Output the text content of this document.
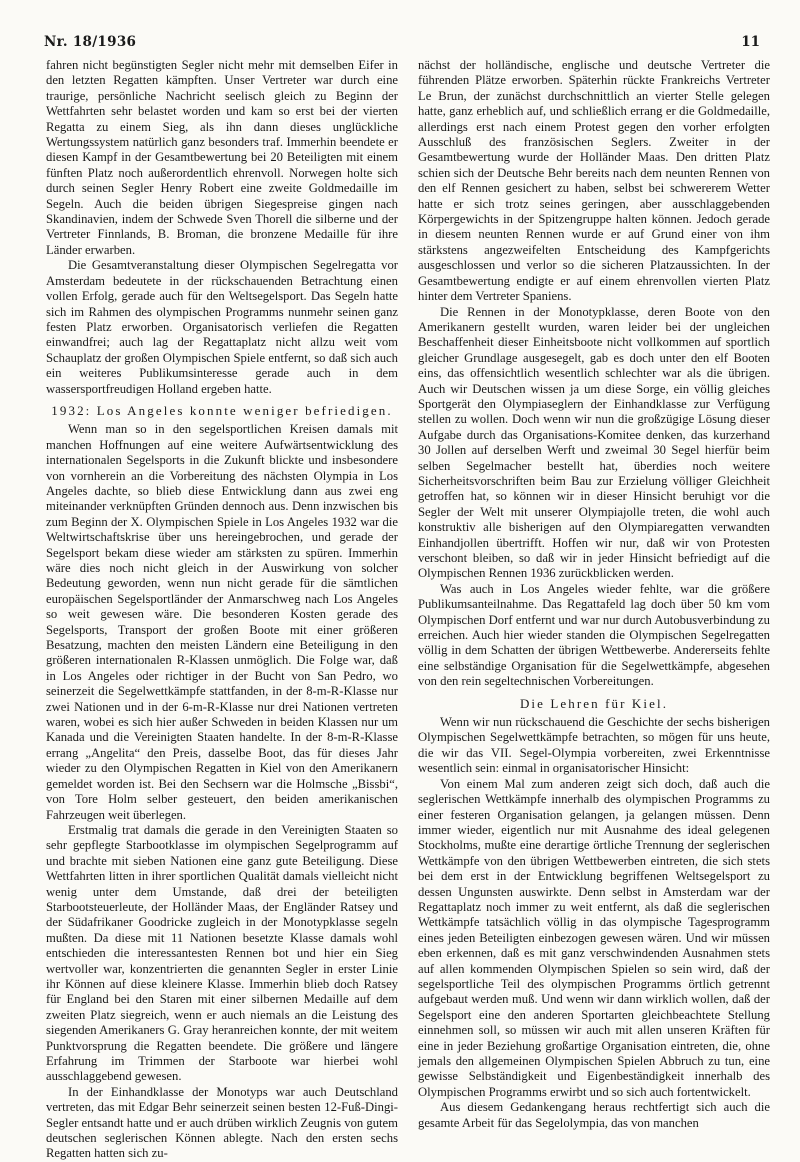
Nr. 18/1936	11

fahren nicht begünstigten Segler nicht mehr mit demselben Eifer in den letzten Regatten kämpften. Unser Vertreter war durch eine traurige, persönliche Nachricht seelisch gleich zu Beginn der Wettfahrten sehr belastet worden und kam so erst bei der vierten Regatta zu einem Sieg, als ihn dann dieses unglückliche Wertungssystem natürlich ganz besonders traf. Immerhin beendete er diesen Kampf in der Gesamtbewertung bei 20 Beteiligten mit einem fünften Platz noch außerordentlich ehrenvoll. Norwegen holte sich durch seinen Segler Henry Robert eine zweite Goldmedaille im Segeln. Auch die beiden übrigen Siegespreise gingen nach Skandinavien, indem der Schwede Sven Thorell die silberne und der Vertreter Finnlands, B. Broman, die bronzene Medaille für ihre Länder erwarben.

Die Gesamtveranstaltung dieser Olympischen Segelregatta vor Amsterdam bedeutete in der rückschauenden Betrachtung einen vollen Erfolg, gerade auch für den Weltsegelsport. Das Segeln hatte sich im Rahmen des olympischen Programms nunmehr seinen ganz festen Platz erworben. Organisatorisch verliefen die Regatten einwandfrei; auch lag der Regattaplatz nicht allzu weit vom Schauplatz der großen Olympischen Spiele entfernt, so daß sich auch ein weiteres Publikumsinteresse gerade auch in dem wassersportfreudigen Holland ergeben hatte.

1932: Los Angeles konnte weniger befriedigen.

Wenn man so in den segelsportlichen Kreisen damals mit manchen Hoffnungen auf eine weitere Aufwärtsentwicklung des internationalen Segelsports in die Zukunft blickte und insbesondere von vornherein an die Vorbereitung des nächsten Olympia in Los Angeles dachte, so blieb diese Entwicklung dann aus zwei eng miteinander verknüpften Gründen dennoch aus. Denn inzwischen bis zum Beginn der X. Olympischen Spiele in Los Angeles 1932 war die Weltwirtschaftskrise über uns hereingebrochen, und gerade der Segelsport bekam diese wieder am stärksten zu spüren. Immerhin wäre dies noch nicht gleich in der Auswirkung von solcher Bedeutung geworden, wenn nun nicht gerade für die sämtlichen europäischen Segelsportländer der Anmarschweg nach Los Angeles so weit gewesen wäre. Die besonderen Kosten gerade des Segelsports, Transport der großen Boote mit einer größeren Besatzung, machten den meisten Ländern eine Beteiligung in den größeren internationalen R-Klassen unmöglich. Die Folge war, daß in Los Angeles oder richtiger in der Bucht von San Pedro, wo seinerzeit die Segelwettkämpfe stattfanden, in der 8-m-R-Klasse nur zwei Nationen und in der 6-m-R-Klasse nur drei Nationen vertreten waren, wobei es sich hier außer Schweden in beiden Klassen nur um Kanada und die Vereinigten Staaten handelte. In der 8-m-R-Klasse errang „Angelita“ den Preis, dasselbe Boot, das für dieses Jahr wieder zu den Olympischen Regatten in Kiel von den Amerikanern gemeldet worden ist. Bei den Sechsern war die Holmsche „Bissbi“, von Tore Holm selber gesteuert, den beiden amerikanischen Fahrzeugen weit überlegen.

Erstmalig trat damals die gerade in den Vereinigten Staaten so sehr gepflegte Starbootklasse im olympischen Segelprogramm auf und brachte mit sieben Nationen eine ganz gute Beteiligung. Diese Wettfahrten litten in ihrer sportlichen Qualität damals vielleicht nicht wenig unter dem Umstande, daß drei der beteiligten Starbootsteuerleute, der Holländer Maas, der Engländer Ratsey und der Südafrikaner Goodricke zugleich in der Monotypklasse segeln mußten. Da diese mit 11 Nationen besetzte Klasse damals wohl entschieden die interessantesten Rennen bot und hier ein Sieg wertvoller war, konzentrierten die genannten Segler in erster Linie ihr Können auf diese kleinere Klasse. Immerhin blieb doch Ratsey für England bei den Staren mit einer silbernen Medaille auf dem zweiten Platz siegreich, wenn er auch niemals an die Leistung des siegenden Amerikaners G. Gray heranreichen konnte, der mit weitem Punktvorsprung die Regatten beendete. Die größere und längere Erfahrung im Trimmen der Starboote war hierbei wohl ausschlaggebend gewesen.

In der Einhandklasse der Monotyps war auch Deutschland vertreten, das mit Edgar Behr seinerzeit seinen besten 12-Fuß-Dingi-Segler entsandt hatte und er auch drüben wirklich Zeugnis von gutem deutschen seglerischen Können ablegte. Nach den ersten sechs Regatten hatten sich zu-

nächst der holländische, englische und deutsche Vertreter die führenden Plätze erworben. Späterhin rückte Frankreichs Vertreter Le Brun, der zunächst durchschnittlich an vierter Stelle gelegen hatte, ganz erheblich auf, und schließlich errang er die Goldmedaille, allerdings erst nach einem Protest gegen den vorher erfolgten Ausschluß des französischen Seglers. Zweiter in der Gesamtbewertung wurde der Holländer Maas. Den dritten Platz schien sich der Deutsche Behr bereits nach dem neunten Rennen von den elf Rennen gesichert zu haben, selbst bei schwererem Wetter hatte er sich trotz seines geringen, aber ausschlaggebenden Körpergewichts in der Spitzengruppe halten können. Jedoch gerade in diesem neunten Rennen wurde er auf Grund einer von ihm stärkstens angezweifelten Entscheidung des Kampfgerichts ausgeschlossen und verlor so die sicheren Platzaussichten. In der Gesamtbewertung endigte er auf einem ehrenvollen vierten Platz hinter dem Vertreter Spaniens.

Die Rennen in der Monotypklasse, deren Boote von den Amerikanern gestellt wurden, waren leider bei der ungleichen Beschaffenheit dieser Einheitsboote nicht vollkommen auf sportlich gleicher Grundlage ausgesegelt, gab es doch unter den elf Booten eins, das offensichtlich wesentlich schlechter war als die übrigen. Auch wir Deutschen wissen ja um diese Sorge, ein völlig gleiches Sportgerät den Olympiaseglern der Einhandklasse zur Verfügung stellen zu wollen. Doch wenn wir nun die großzügige Lösung dieser Aufgabe durch das Organisations-Komitee denken, das kurzerhand 30 Jollen auf derselben Werft und zweimal 30 Segel hierfür beim selben Segelmacher bestellt hat, überdies noch weitere Sicherheitsvorschriften beim Bau zur Erzielung völliger Gleichheit getroffen hat, so können wir in dieser Hinsicht beruhigt vor die Segler der Welt mit unserer Olympiajolle treten, die wohl auch konstruktiv alle bisherigen auf den Olympiaregatten verwandten Einhandjollen übertrifft. Hoffen wir nur, daß wir von Protesten verschont bleiben, so daß wir in jeder Hinsicht befriedigt auf die Olympischen Rennen 1936 zurückblicken werden.

Was auch in Los Angeles wieder fehlte, war die größere Publikumsanteilnahme. Das Regattafeld lag doch über 50 km vom Olympischen Dorf entfernt und war nur durch Autobusverbindung zu erreichen. Auch hier wieder standen die Olympischen Segelregatten völlig in dem Schatten der übrigen Wettbewerbe. Andererseits fehlte eine selbständige Organisation für die Segelwettkämpfe, abgesehen von den rein segeltechnischen Vorbereitungen.

Die Lehren für Kiel.

Wenn wir nun rückschauend die Geschichte der sechs bisherigen Olympischen Segelwettkämpfe betrachten, so mögen für uns heute, die wir das VII. Segel-Olympia vorbereiten, zwei Erkenntnisse wesentlich sein: einmal in organisatorischer Hinsicht:

Von einem Mal zum anderen zeigt sich doch, daß auch die seglerischen Wettkämpfe innerhalb des olympischen Programms zu einer festeren Organisation gelangen, ja gelangen müssen. Denn immer wieder, eigentlich nur mit Ausnahme des ideal gelegenen Stockholms, mußte eine derartige örtliche Trennung der seglerischen Wettkämpfe von den übrigen Wettbewerben eintreten, die sich stets bei dem erst in der Entwicklung begriffenen Weltsegelsport zu dessen Ungunsten auswirkte. Denn selbst in Amsterdam war der Regattaplatz noch immer zu weit entfernt, als daß die seglerischen Wettkämpfe tatsächlich völlig in das olympische Tagesprogramm eines jeden Beteiligten einbezogen gewesen wären. Und wir müssen eben erkennen, daß es mit ganz verschwindenden Ausnahmen stets auf allen kommenden Olympischen Spielen so sein wird, daß der segelsportliche Teil des olympischen Programms örtlich getrennt aufgebaut werden muß. Und wenn wir dann wirklich wollen, daß der Segelsport eine den anderen Sportarten gleichbeachtete Stellung einnehmen soll, so müssen wir auch mit allen unseren Kräften für eine in jeder Beziehung großartige Organisation eintreten, die, ohne jemals den allgemeinen Olympischen Spielen Abbruch zu tun, eine gewisse Selbständigkeit und Eigenbeständigkeit innerhalb des Olympischen Programms erwirbt und so sich auch fortentwickelt.

Aus diesem Gedankengang heraus rechtfertigt sich auch die gesamte Arbeit für das Segelolympia, das von manchen
